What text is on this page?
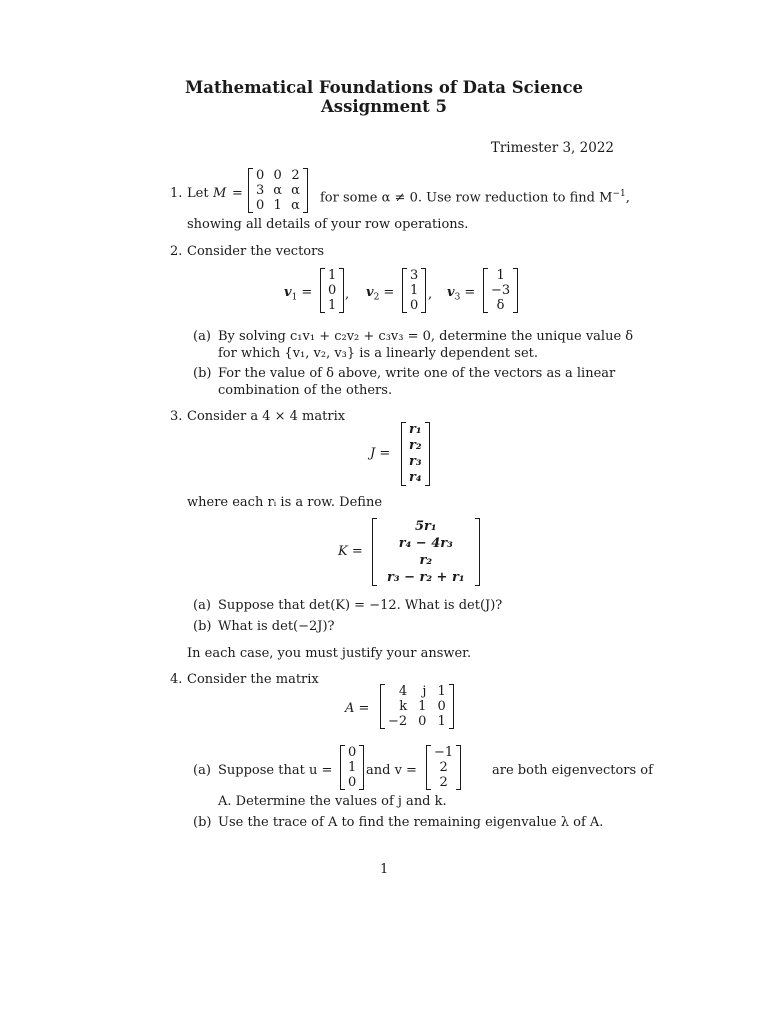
Mathematical Foundations of Data Science
Assignment 5
Trimester 3, 2022
1. Let M =
0 0 2
3 α α
0 1 α
for some α ≠ 0. Use row reduction to find $M^{-1}$,
showing all details of your row operations.
2. Consider the vectors
$v_1$ =
1
0
1
, $v_2$ =
3
1
0
, $v_3$ =
1
−3
δ
(a) By solving c₁v₁ + c₂v₂ + c₃v₃ = 0, determine the unique value δ
for which {v₁, v₂, v₃} is a linearly dependent set.
(b) For the value of δ above, write one of the vectors as a linear
combination of the others.
3. Consider a 4 × 4 matrix
J =
r₁
r₂
r₃
r₄
where each rᵢ is a row. Define
K =
5r₁
r₄ − 4r₃
r₂
r₃ − r₂ + r₁
(a) Suppose that det(K) = −12. What is det(J)?
(b) What is det(−2J)?
In each case, you must justify your answer.
4. Consider the matrix
A =
4	j 1
k 1 0
−2 0 1
(a) Suppose that u =
0
1
0
and v =
−1
2
2
are both eigenvectors of
A. Determine the values of j and k.
(b) Use the trace of A to find the remaining eigenvalue λ of A.
1
